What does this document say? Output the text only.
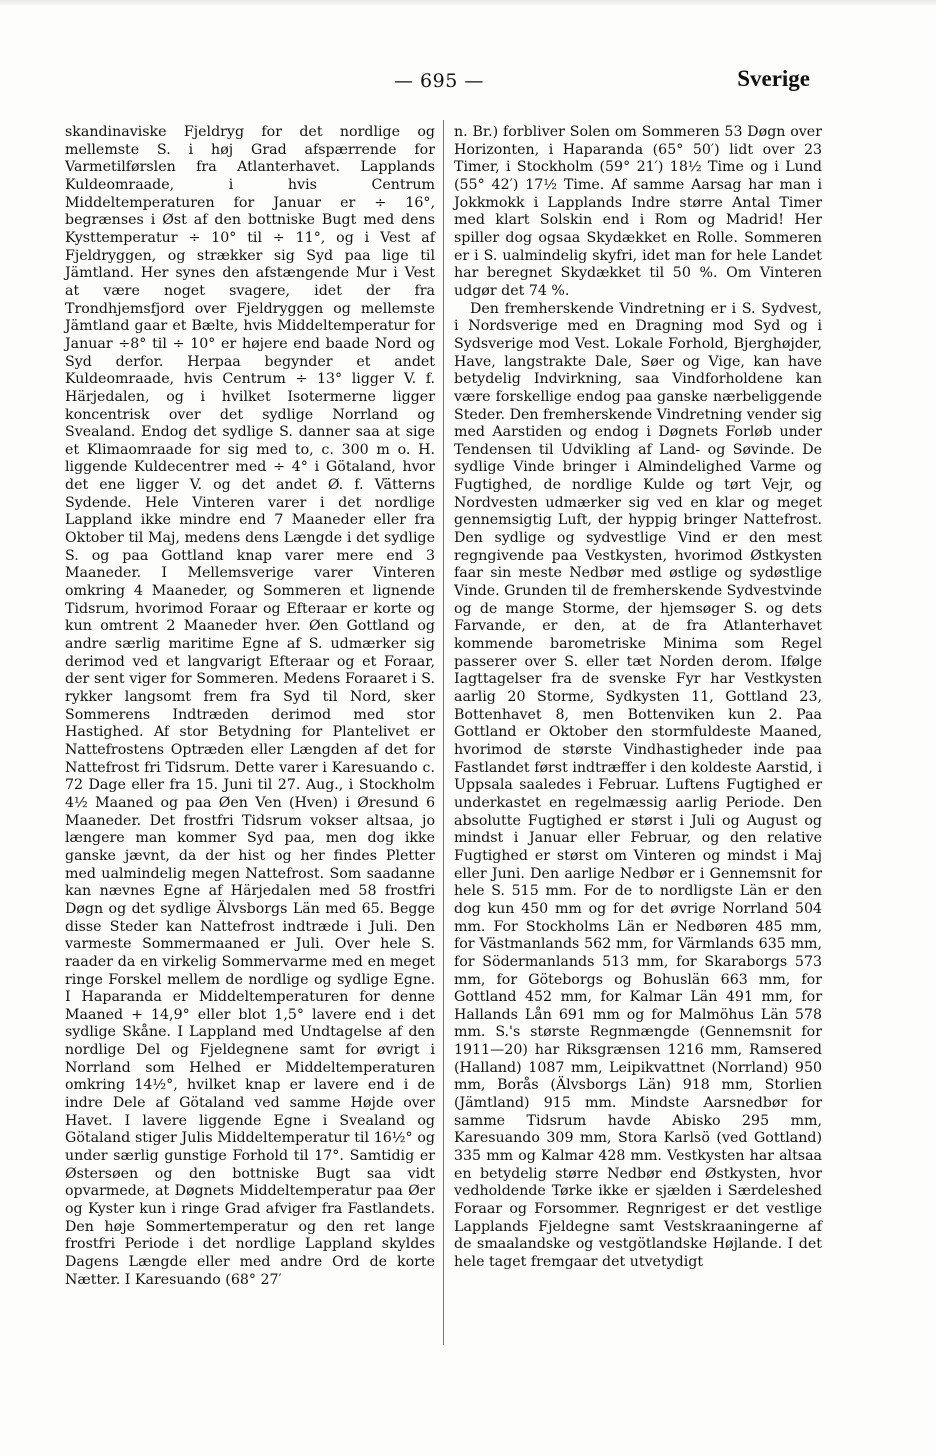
— 695 —	Sverige

skandinaviske Fjeldryg for det nordlige og mellemste S. i høj Grad afspærrende for Varmetilførslen fra Atlanterhavet. Lapplands Kuldeomraade, i hvis Centrum Middeltemperaturen for Januar er ÷ 16°, begrænses i Øst af den bottniske Bugt med dens Kysttemperatur ÷ 10° til ÷ 11°, og i Vest af Fjeldryggen, og strækker sig Syd paa lige til Jämtland. Her synes den afstængende Mur i Vest at være noget svagere, idet der fra Trondhjemsfjord over Fjeldryggen og mellemste Jämtland gaar et Bælte, hvis Middeltemperatur for Januar ÷8° til ÷ 10° er højere end baade Nord og Syd derfor. Herpaa begynder et andet Kuldeomraade, hvis Centrum ÷ 13° ligger V. f. Härjedalen, og i hvilket Isotermerne ligger koncentrisk over det sydlige Norrland og Svealand. Endog det sydlige S. danner saa at sige et Klimaomraade for sig med to, c. 300 m o. H. liggende Kuldecentrer med ÷ 4° i Götaland, hvor det ene ligger V. og det andet Ø. f. Vätterns Sydende. Hele Vinteren varer i det nordlige Lappland ikke mindre end 7 Maaneder eller fra Oktober til Maj, medens dens Længde i det sydlige S. og paa Gottland knap varer mere end 3 Maaneder. I Mellemsverige varer Vinteren omkring 4 Maaneder, og Sommeren et lignende Tidsrum, hvorimod Foraar og Efteraar er korte og kun omtrent 2 Maaneder hver. Øen Gottland og andre særlig maritime Egne af S. udmærker sig derimod ved et langvarigt Efteraar og et Foraar, der sent viger for Sommeren. Medens Foraaret i S. rykker langsomt frem fra Syd til Nord, sker Sommerens Indtræden derimod med stor Hastighed. Af stor Betydning for Plantelivet er Nattefrostens Optræden eller Længden af det for Nattefrost fri Tidsrum. Dette varer i Karesuando c. 72 Dage eller fra 15. Juni til 27. Aug., i Stockholm 4½ Maaned og paa Øen Ven (Hven) i Øresund 6 Maaneder. Det frostfri Tidsrum vokser altsaa, jo længere man kommer Syd paa, men dog ikke ganske jævnt, da der hist og her findes Pletter med ualmindelig megen Nattefrost. Som saadanne kan nævnes Egne af Härjedalen med 58 frostfri Døgn og det sydlige Älvsborgs Län med 65. Begge disse Steder kan Nattefrost indtræde i Juli. Den varmeste Sommermaaned er Juli. Over hele S. raader da en virkelig Sommervarme med en meget ringe Forskel mellem de nordlige og sydlige Egne. I Haparanda er Middeltemperaturen for denne Maaned + 14,9° eller blot 1,5° lavere end i det sydlige Skåne. I Lappland med Undtagelse af den nordlige Del og Fjeldegnene samt for øvrigt i Norrland som Helhed er Middeltemperaturen omkring 14½°, hvilket knap er lavere end i de indre Dele af Götaland ved samme Højde over Havet. I lavere liggende Egne i Svealand og Götaland stiger Julis Middeltemperatur til 16½° og under særlig gunstige Forhold til 17°. Samtidig er Østersøen og den bottniske Bugt saa vidt opvarmede, at Døgnets Middeltemperatur paa Øer og Kyster kun i ringe Grad afviger fra Fastlandets. Den høje Sommertemperatur og den ret lange frostfri Periode i det nordlige Lappland skyldes Dagens Længde eller med andre Ord de korte Nætter. I Karesuando (68° 27′

n. Br.) forbliver Solen om Sommeren 53 Døgn over Horizonten, i Haparanda (65° 50′) lidt over 23 Timer, i Stockholm (59° 21′) 18½ Time og i Lund (55° 42′) 17½ Time. Af samme Aarsag har man i Jokkmokk i Lapplands Indre større Antal Timer med klart Solskin end i Rom og Madrid! Her spiller dog ogsaa Skydækket en Rolle. Sommeren er i S. ualmindelig skyfri, idet man for hele Landet har beregnet Skydækket til 50 %. Om Vinteren udgør det 74 %.

Den fremherskende Vindretning er i S. Sydvest, i Nordsverige med en Dragning mod Syd og i Sydsverige mod Vest. Lokale Forhold, Bjerghøjder, Have, langstrakte Dale, Søer og Vige, kan have betydelig Indvirkning, saa Vindforholdene kan være forskellige endog paa ganske nærbeliggende Steder. Den fremherskende Vindretning vender sig med Aarstiden og endog i Døgnets Forløb under Tendensen til Udvikling af Land- og Søvinde. De sydlige Vinde bringer i Almindelighed Varme og Fugtighed, de nordlige Kulde og tørt Vejr, og Nordvesten udmærker sig ved en klar og meget gennemsigtig Luft, der hyppig bringer Nattefrost. Den sydlige og sydvestlige Vind er den mest regngivende paa Vestkysten, hvorimod Østkysten faar sin meste Nedbør med østlige og sydøstlige Vinde. Grunden til de fremherskende Sydvestvinde og de mange Storme, der hjemsøger S. og dets Farvande, er den, at de fra Atlanterhavet kommende barometriske Minima som Regel passerer over S. eller tæt Norden derom. Ifølge Iagttagelser fra de svenske Fyr har Vestkysten aarlig 20 Storme, Sydkysten 11, Gottland 23, Bottenhavet 8, men Bottenviken kun 2. Paa Gottland er Oktober den stormfuldeste Maaned, hvorimod de største Vindhastigheder inde paa Fastlandet først indtræffer i den koldeste Aarstid, i Uppsala saaledes i Februar. Luftens Fugtighed er underkastet en regelmæssig aarlig Periode. Den absolutte Fugtighed er størst i Juli og August og mindst i Januar eller Februar, og den relative Fugtighed er størst om Vinteren og mindst i Maj eller Juni. Den aarlige Nedbør er i Gennemsnit for hele S. 515 mm. For de to nordligste Län er den dog kun 450 mm og for det øvrige Norrland 504 mm. For Stockholms Län er Nedbøren 485 mm, for Västmanlands 562 mm, for Värmlands 635 mm, for Södermanlands 513 mm, for Skaraborgs 573 mm, for Göteborgs og Bohuslän 663 mm, for Gottland 452 mm, for Kalmar Län 491 mm, for Hallands Lån 691 mm og for Malmöhus Län 578 mm. S.'s største Regnmængde (Gennemsnit for 1911—20) har Riksgrænsen 1216 mm, Ramsered (Halland) 1087 mm, Leipikvattnet (Norrland) 950 mm, Borås (Älvsborgs Län) 918 mm, Storlien (Jämtland) 915 mm. Mindste Aarsnedbør for samme Tidsrum havde Abisko 295 mm, Karesuando 309 mm, Stora Karlsö (ved Gottland) 335 mm og Kalmar 428 mm. Vestkysten har altsaa en betydelig større Nedbør end Østkysten, hvor vedholdende Tørke ikke er sjælden i Særdeleshed Foraar og Forsommer. Regnrigest er det vestlige Lapplands Fjeldegne samt Vestskraaningerne af de smaalandske og vestgötlandske Højlande. I det hele taget fremgaar det utvetydigt
